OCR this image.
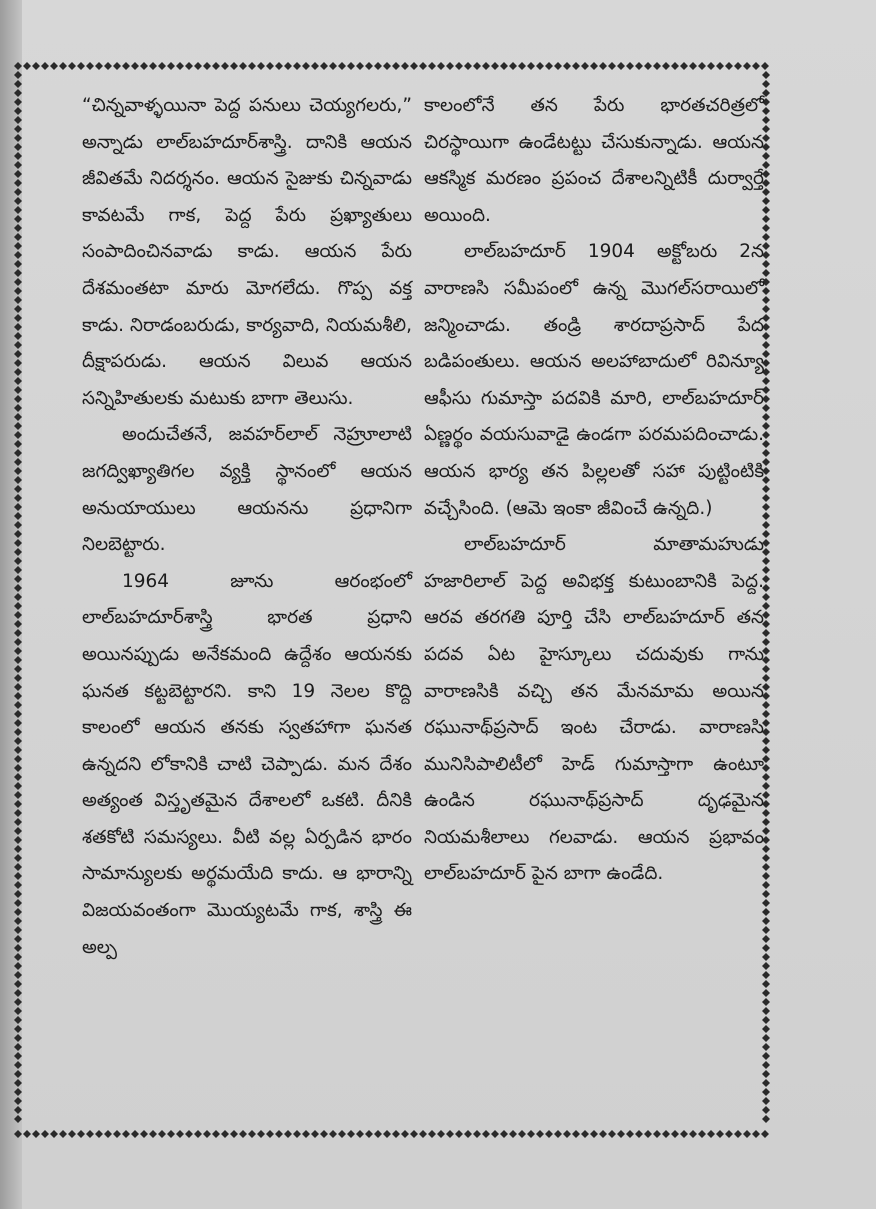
“చిన్నవాళ్ళయినా పెద్ద పనులు చెయ్యగలరు,” అన్నాడు లాల్‌బహదూర్‌శాస్త్రి. దానికి ఆయన జీవితమే నిదర్శనం. ఆయన సైజుకు చిన్నవాడు కావటమే గాక, పెద్ద పేరు ప్రఖ్యాతులు సంపాదించినవాడు కాడు. ఆయన పేరు దేశమంతటా మారు మోగలేదు. గొప్ప వక్త కాడు. నిరాడంబరుడు, కార్యవాది, నియమశీలి, దీక్షాపరుడు. ఆయన విలువ ఆయన సన్నిహితులకు మటుకు బాగా తెలుసు.

అందుచేతనే, జవహర్‌లాల్‌ నెహ్రూలాటి జగద్విఖ్యాతిగల వ్యక్తి స్థానంలో ఆయన అనుయాయులు ఆయనను ప్రధానిగా నిలబెట్టారు.

1964 జూను ఆరంభంలో లాల్‌బహదూర్‌శాస్త్రి భారత ప్రధాని అయినప్పుడు అనేకమంది ఉద్దేశం ఆయనకు ఘనత కట్టబెట్టారని. కాని 19 నెలల కొద్ది కాలంలో ఆయన తనకు స్వతహాగా ఘనత ఉన్నదని లోకానికి చాటి చెప్పాడు. మన దేశం అత్యంత విస్తృతమైన దేశాలలో ఒకటి. దీనికి శతకోటి సమస్యలు. వీటి వల్ల ఏర్పడిన భారం సామాన్యులకు అర్థమయేది కాదు. ఆ భారాన్ని విజయవంతంగా మొయ్యటమే గాక, శాస్త్రి ఈ అల్ప

కాలంలోనే తన పేరు భారతచరిత్రలో చిరస్థాయిగా ఉండేటట్టు చేసుకున్నాడు. ఆయన ఆకస్మిక మరణం ప్రపంచ దేశాలన్నిటికీ దుర్వార్తే అయింది.

లాల్‌బహదూర్ 1904 అక్టోబరు 2న వారాణసి సమీపంలో ఉన్న మొగల్‌సరాయిలో జన్మించాడు. తండ్రి శారదాప్రసాద్ పేద బడిపంతులు. ఆయన అలహాబాదులో రివిన్యూ ఆఫీసు గుమాస్తా పదవికి మారి, లాల్‌బహదూర్ ఏణ్ణర్థం వయసువాడై ఉండగా పరమపదించాడు. ఆయన భార్య తన పిల్లలతో సహా పుట్టింటికి వచ్చేసింది. (ఆమె ఇంకా జీవించే ఉన్నది.)

లాల్‌బహదూర్ మాతామహుడు హజారిలాల్ పెద్ద అవిభక్త కుటుంబానికి పెద్ద. ఆరవ తరగతి పూర్తి చేసి లాల్‌బహదూర్ తన పదవ ఏట హైస్కూలు చదువుకు గాను వారాణసికి వచ్చి తన మేనమామ అయిన రఘునాథ్‌ప్రసాద్ ఇంట చేరాడు. వారాణసి మునిసిపాలిటీలో హెడ్ గుమాస్తాగా ఉంటూ ఉండిన రఘునాథ్‌ప్రసాద్ దృఢమైన నియమశీలాలు గలవాడు. ఆయన ప్రభావం లాల్‌బహదూర్ పైన బాగా ఉండేది.
